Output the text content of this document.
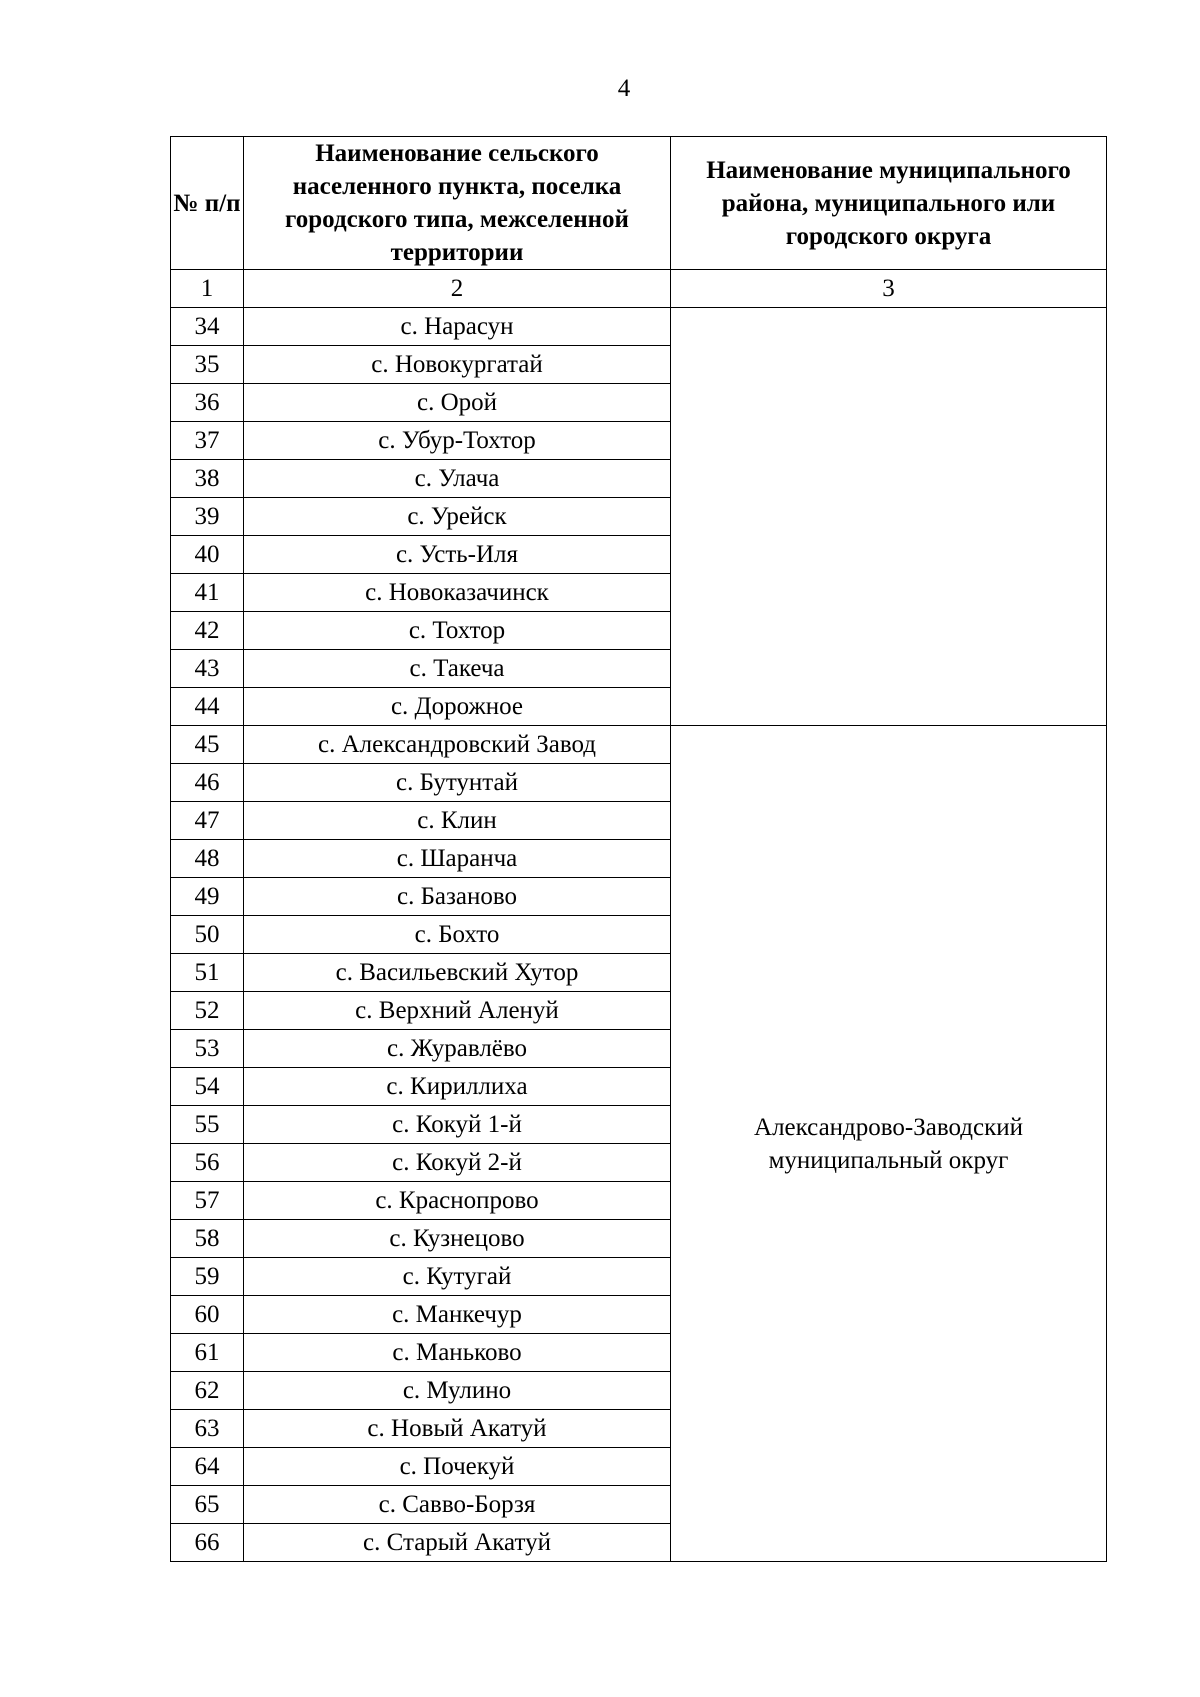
4
№ п/п	Наименование сельского населенного пункта, поселка городского типа, межселенной территории	Наименование муниципального района, муниципального или городского округа
1	2	3
34	с. Нарасун	
35	с. Новокургатай	
36	с. Орой	
37	с. Убур-Тохтор	
38	с. Улача	
39	с. Урейск	
40	с. Усть-Иля	
41	с. Новоказачинск	
42	с. Тохтор	
43	с. Такеча	
44	с. Дорожное	
45	с. Александровский Завод	Александрово-Заводский муниципальный округ
46	с. Бутунтай	
47	с. Клин	
48	с. Шаранча	
49	с. Базаново	
50	с. Бохто	
51	с. Васильевский Хутор	
52	с. Верхний Аленуй	
53	с. Журавлёво	
54	с. Кириллиха	
55	с. Кокуй 1-й	
56	с. Кокуй 2-й	
57	с. Краснопрово	
58	с. Кузнецово	
59	с. Кутугай	
60	с. Манкечур	
61	с. Маньково	
62	с. Мулино	
63	с. Новый Акатуй	
64	с. Почекуй	
65	с. Савво-Борзя	
66	с. Старый Акатуй	
